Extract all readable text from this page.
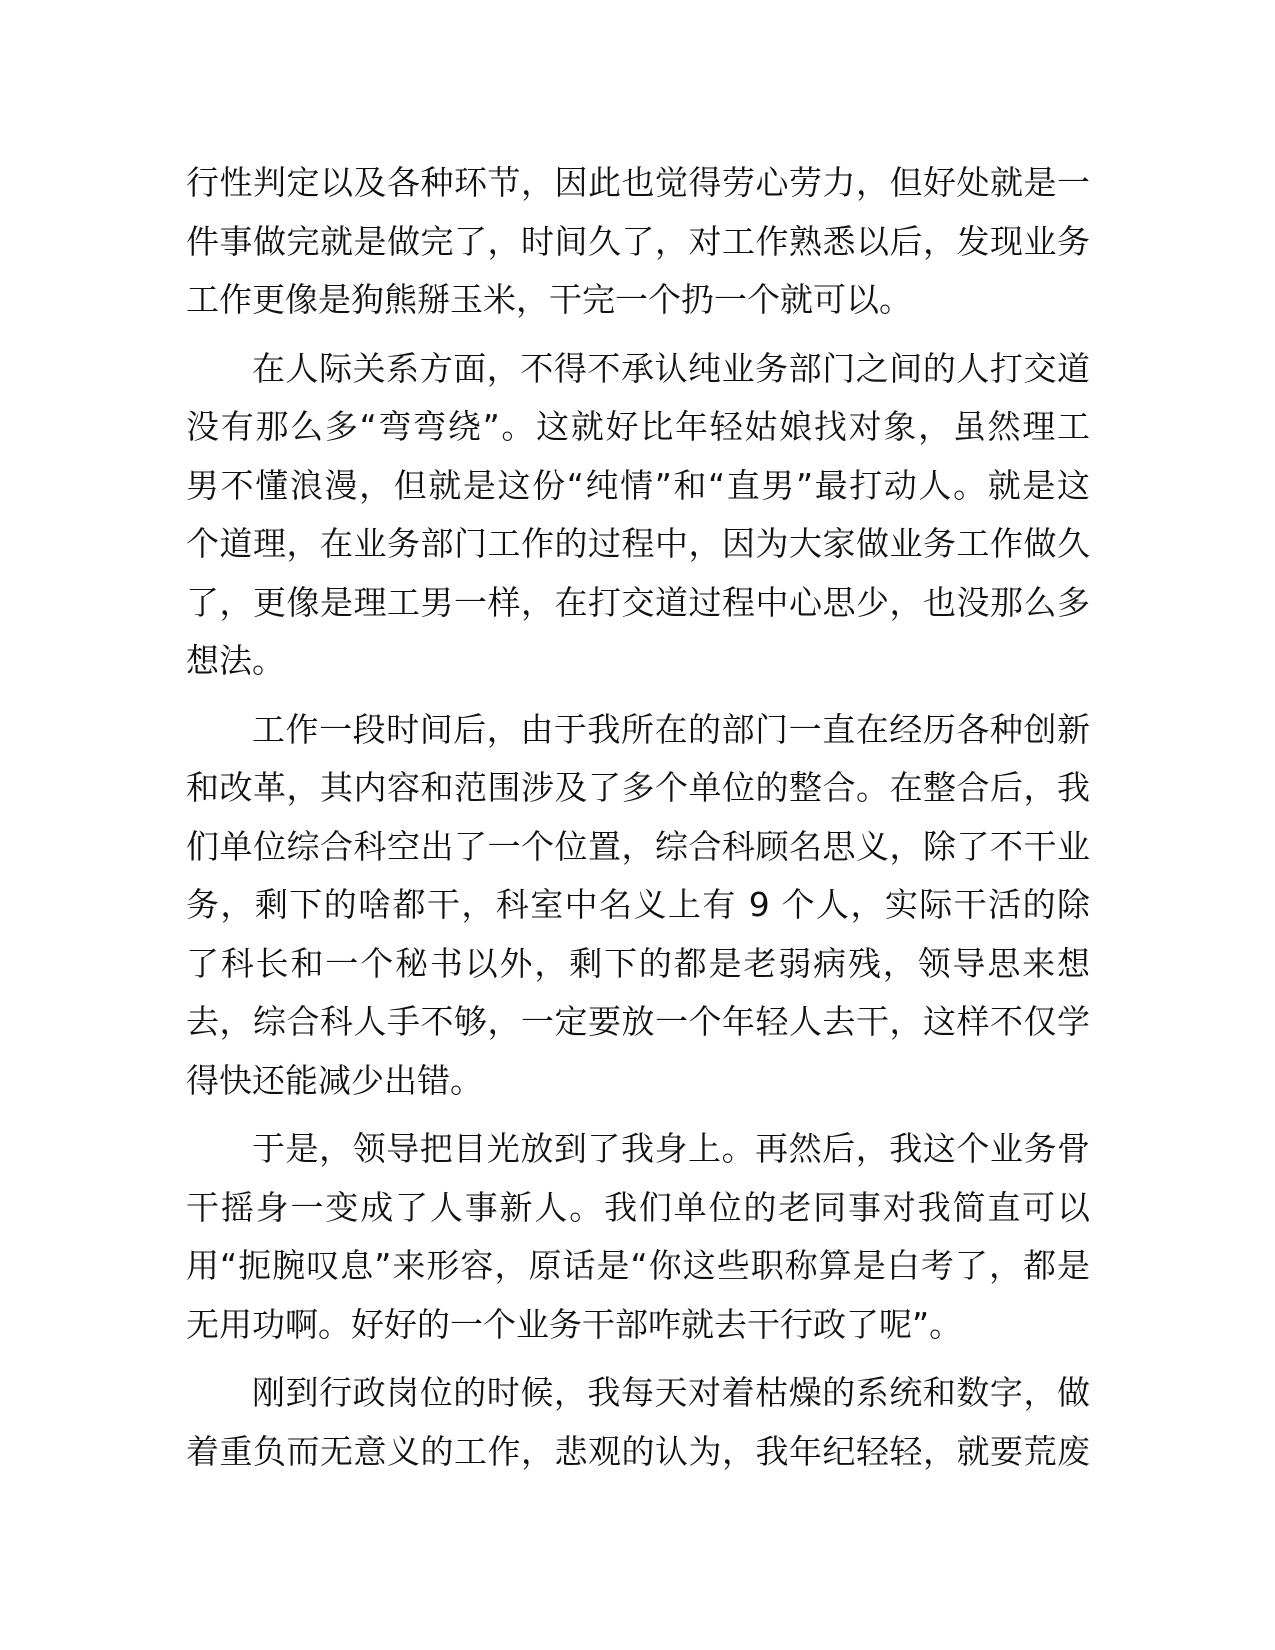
行性判定以及各种环节，因此也觉得劳心劳力，但好处就是一
件事做完就是做完了，时间久了，对工作熟悉以后，发现业务
工作更像是狗熊掰玉米，干完一个扔一个就可以。
在人际关系方面，不得不承认纯业务部门之间的人打交道
没有那么多“弯弯绕”。这就好比年轻姑娘找对象，虽然理工
男不懂浪漫，但就是这份“纯情”和“直男”最打动人。就是这
个道理，在业务部门工作的过程中，因为大家做业务工作做久
了，更像是理工男一样，在打交道过程中心思少，也没那么多
想法。
工作一段时间后，由于我所在的部门一直在经历各种创新
和改革，其内容和范围涉及了多个单位的整合。在整合后，我
们单位综合科空出了一个位置，综合科顾名思义，除了不干业
务，剩下的啥都干，科室中名义上有 9 个人，实际干活的除
了科长和一个秘书以外，剩下的都是老弱病残，领导思来想
去，综合科人手不够，一定要放一个年轻人去干，这样不仅学
得快还能减少出错。
于是，领导把目光放到了我身上。再然后，我这个业务骨
干摇身一变成了人事新人。我们单位的老同事对我简直可以
用“扼腕叹息”来形容，原话是“你这些职称算是白考了，都是
无用功啊。好好的一个业务干部咋就去干行政了呢”。
刚到行政岗位的时候，我每天对着枯燥的系统和数字，做
着重负而无意义的工作，悲观的认为，我年纪轻轻，就要荒废
